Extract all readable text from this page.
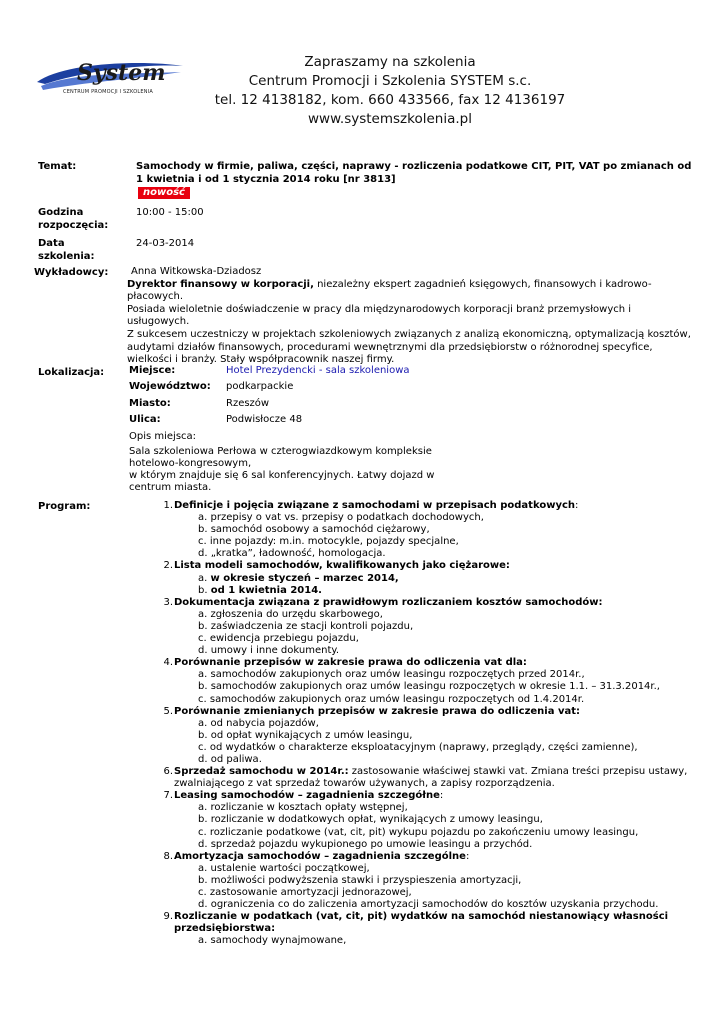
System
CENTRUM PROMOCJI I SZKOLENIA
Zapraszamy na szkolenia
Centrum Promocji i Szkolenia SYSTEM s.c.
tel. 12 4138182, kom. 660 433566, fax 12 4136197
www.systemszkolenia.pl
Temat:	Samochody w firmie, paliwa, części, naprawy - rozliczenia podatkowe CIT, PIT, VAT po zmianach od 1 kwietnia i od 1 stycznia 2014 roku [nr 3813]
nowość
Godzina
rozpoczęcia:
10:00 - 15:00
Data
szkolenia:
24-03-2014
Wykładowcy:	Anna Witkowska-Dziadosz
Dyrektor finansowy w korporacji, niezależny ekspert zagadnień księgowych, finansowych i kadrowo-płacowych.
Posiada wieloletnie doświadczenie w pracy dla międzynarodowych korporacji branż przemysłowych i usługowych.
Z sukcesem uczestniczy w projektach szkoleniowych związanych z analizą ekonomiczną, optymalizacją kosztów, audytami działów finansowych, procedurami wewnętrznymi dla przedsiębiorstw o różnorodnej specyfice, wielkości i branży. Stały współpracownik naszej firmy.
Lokalizacja: Miejsce:	Hotel Prezydencki - sala szkoleniowa
Województwo: podkarpackie
Miasto:	Rzeszów
Ulica:	Podwisłocze 48
Opis miejsca:
Sala szkoleniowa Perłowa w czterogwiazdkowym kompleksie hotelowo-kongresowym,
w którym znajduje się 6 sal konferencyjnych. Łatwy dojazd w centrum miasta.
Program:	1. Definicje i pojęcia związane z samochodami w przepisach podatkowych:
a. przepisy o vat vs. przepisy o podatkach dochodowych,
b. samochód osobowy a samochód ciężarowy,
c. inne pojazdy: m.in. motocykle, pojazdy specjalne,
d. „kratka”, ładowność, homologacja.
2. Lista modeli samochodów, kwalifikowanych jako ciężarowe:
a. w okresie styczeń – marzec 2014,
b. od 1 kwietnia 2014.
3. Dokumentacja związana z prawidłowym rozliczaniem kosztów samochodów:
a. zgłoszenia do urzędu skarbowego,
b. zaświadczenia ze stacji kontroli pojazdu,
c. ewidencja przebiegu pojazdu,
d. umowy i inne dokumenty.
4. Porównanie przepisów w zakresie prawa do odliczenia vat dla:
a. samochodów zakupionych oraz umów leasingu rozpoczętych przed 2014r.,
b. samochodów zakupionych oraz umów leasingu rozpoczętych w okresie 1.1. – 31.3.2014r.,
c. samochodów zakupionych oraz umów leasingu rozpoczętych od 1.4.2014r.
5. Porównanie zmienianych przepisów w zakresie prawa do odliczenia vat:
a. od nabycia pojazdów,
b. od opłat wynikających z umów leasingu,
c. od wydatków o charakterze eksploatacyjnym (naprawy, przeglądy, części zamienne),
d. od paliwa.
6. Sprzedaż samochodu w 2014r.: zastosowanie właściwej stawki vat. Zmiana treści przepisu ustawy,
zwalniającego z vat sprzedaż towarów używanych, a zapisy rozporządzenia.
7. Leasing samochodów – zagadnienia szczegółne:
a. rozliczanie w kosztach opłaty wstępnej,
b. rozliczanie w dodatkowych opłat, wynikających z umowy leasingu,
c. rozliczanie podatkowe (vat, cit, pit) wykupu pojazdu po zakończeniu umowy leasingu,
d. sprzedaż pojazdu wykupionego po umowie leasingu a przychód.
8. Amortyzacja samochodów – zagadnienia szczególne:
a. ustalenie wartości początkowej,
b. możliwości podwyższenia stawki i przyspieszenia amortyzacji,
c. zastosowanie amortyzacji jednorazowej,
d. ograniczenia co do zaliczenia amortyzacji samochodów do kosztów uzyskania przychodu.
9. Rozliczanie w podatkach (vat, cit, pit) wydatków na samochód niestanowiący własności
przedsiębiorstwa:
a. samochody wynajmowane,
